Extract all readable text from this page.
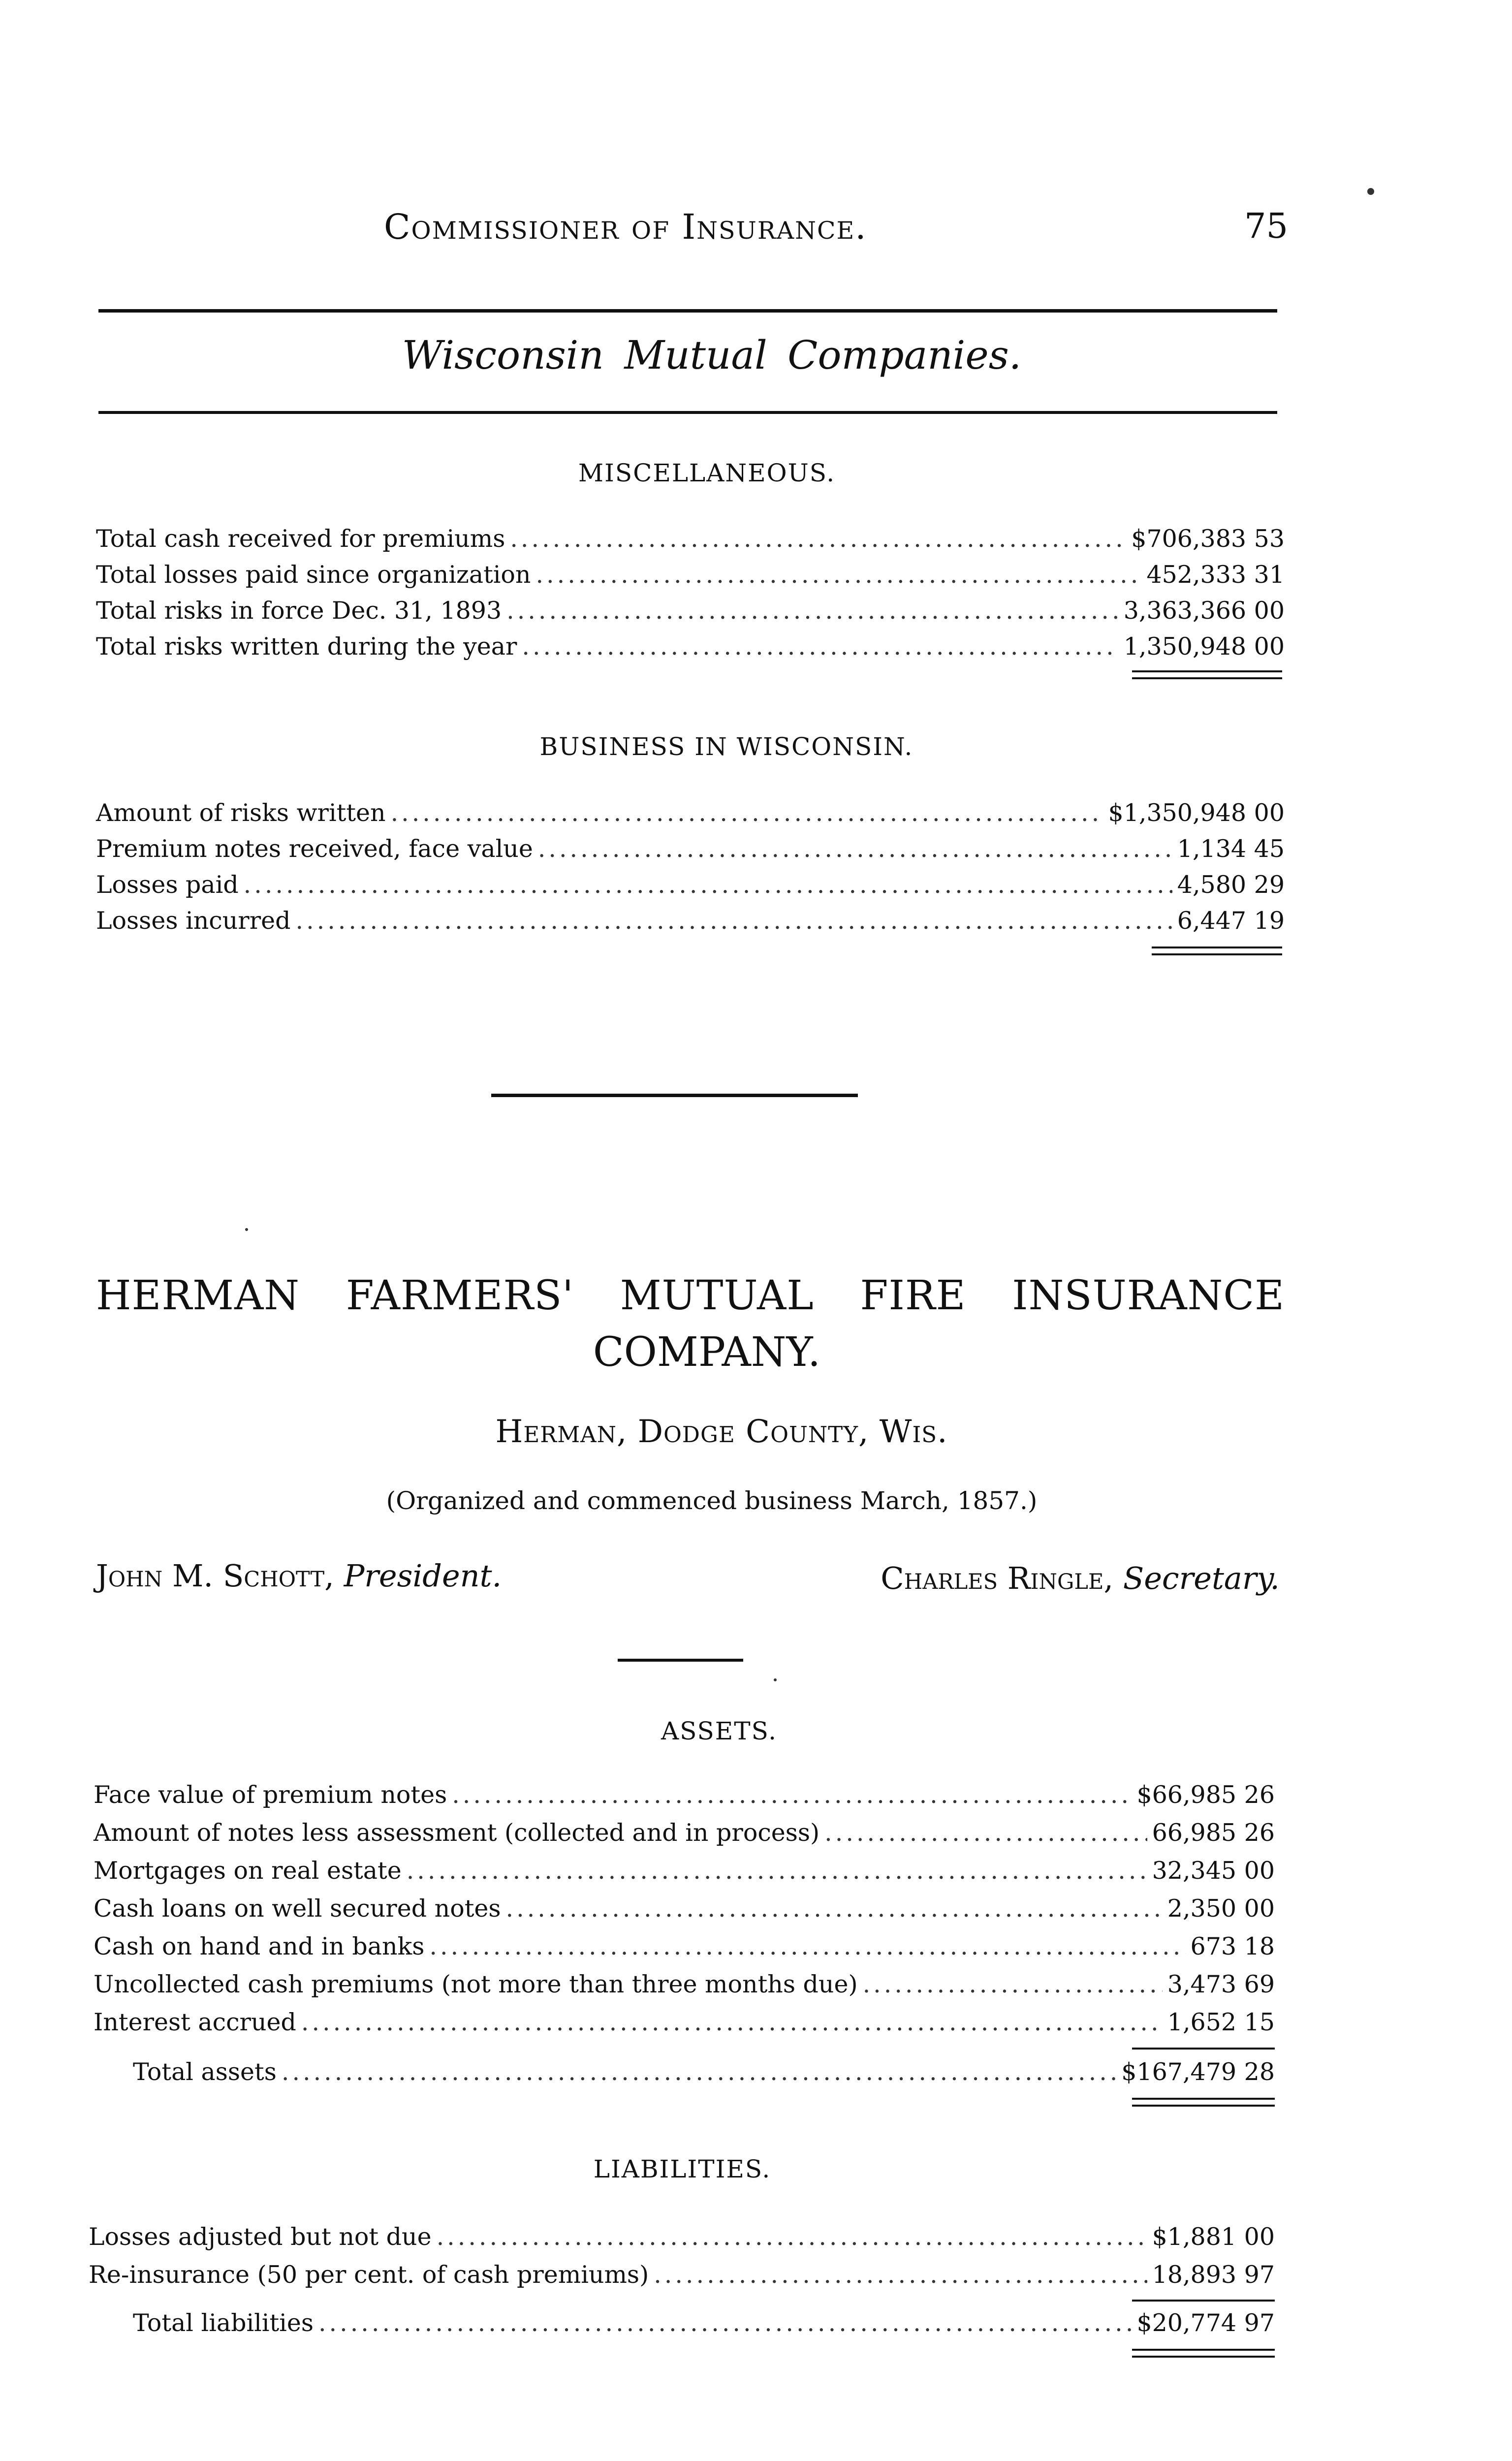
Commissioner of Insurance.	75
Wisconsin Mutual Companies.
MISCELLANEOUS.
Total cash received for premiums .....	$706,383 53
Total losses paid since organization .....	452,333 31
Total risks in force Dec. 31, 1893 .....	3,363,366 00
Total risks written during the year .....	1,350,948 00
BUSINESS IN WISCONSIN.
Amount of risks written .....	$1,350,948 00
Premium notes received, face value .....	1,134 45
Losses paid .....	4,580 29
Losses incurred .....	6,447 19
HERMAN FARMERS' MUTUAL FIRE INSURANCE
COMPANY.
Herman, Dodge County, Wis.
(Organized and commenced business March, 1857.)
John M. Schott, President.	Charles Ringle, Secretary.
ASSETS.
Face value of premium notes .....	$66,985 26
Amount of notes less assessment (collected and in process) .....	66,985 26
Mortgages on real estate .....	32,345 00
Cash loans on well secured notes .....	2,350 00
Cash on hand and in banks .....	673 18
Uncollected cash premiums (not more than three months due) .....	3,473 69
Interest accrued .....	1,652 15
Total assets .....	$167,479 28
LIABILITIES.
Losses adjusted but not due .....	$1,881 00
Re-insurance (50 per cent. of cash premiums) .....	18,893 97
Total liabilities .....	$20,774 97
